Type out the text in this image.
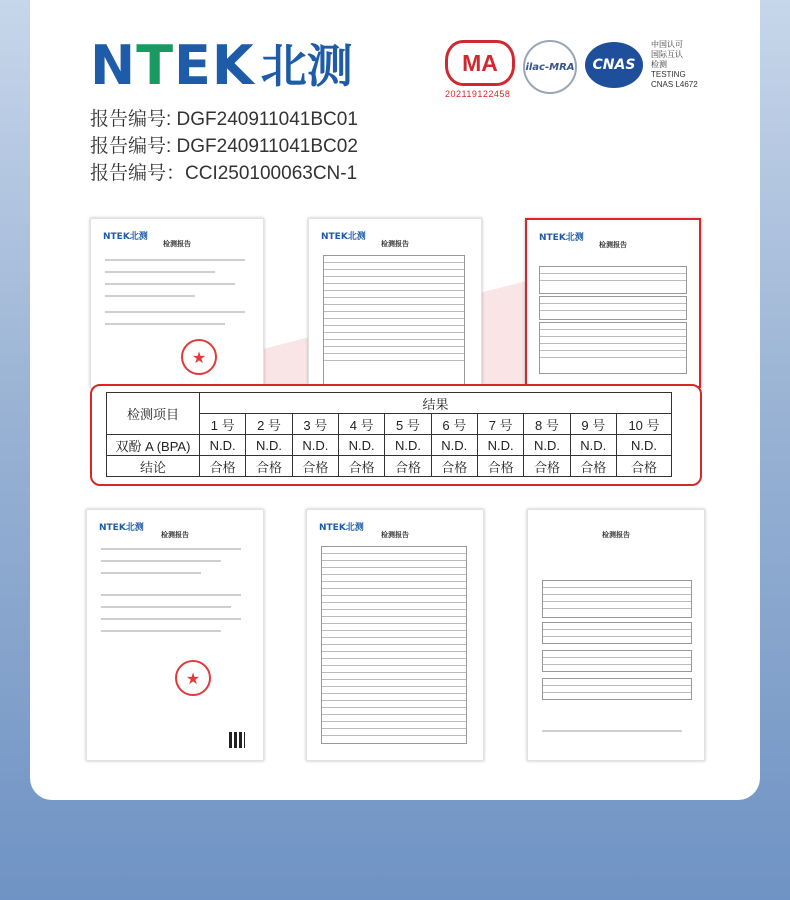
NTEK 北测
报告编号: DGF240911041BC01
报告编号: DGF240911041BC02
报告编号：CCI250100063CN-1
MA
202119122458
ilac-MRA	CNAS
中国认可
国际互认
检测
TESTING
CNAS L4672
NTEK北测
检测报告
★
NTEK北测
检测报告
NTEK北测
检测报告
检测项目	结果									
	1 号	2 号	3 号	4 号	5 号	6 号	7 号	8 号	9 号	10 号
双酚 A (BPA)	N.D.	N.D.	N.D.	N.D.	N.D.	N.D.	N.D.	N.D.	N.D.	N.D.
结论	合格	合格	合格	合格	合格	合格	合格	合格	合格	合格
NTEK北测
检测报告
★
NTEK北测
检测报告	检测报告
